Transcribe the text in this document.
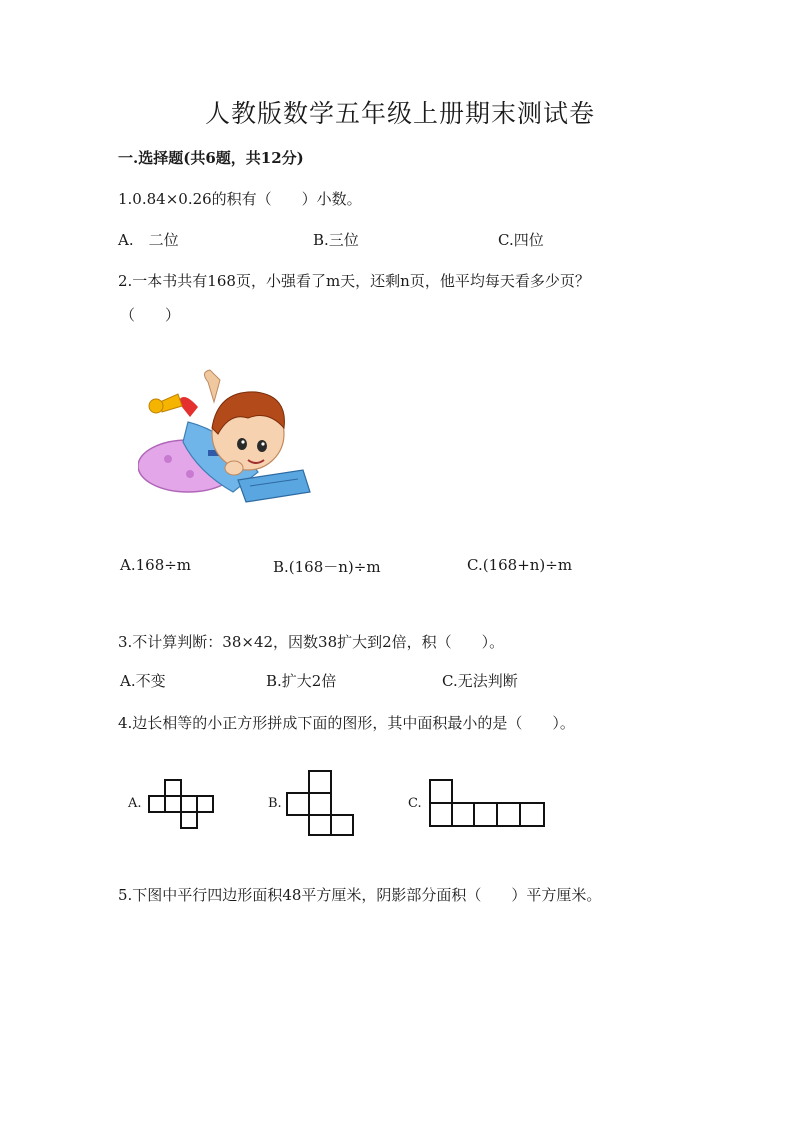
人教版数学五年级上册期末测试卷
一.选择题(共6题，共12分)
1.0.84×0.26的积有（　　）小数。
A.　二位	B.三位	C.四位
2.一本书共有168页，小强看了m天，还剩n页，他平均每天看多少页？
（　　）
A.168÷m	B.(168－n)÷m	C.(168+n)÷m
3.不计算判断：38×42，因数38扩大到2倍，积（　　）。
A.不变	B.扩大2倍	C.无法判断
4.边长相等的小正方形拼成下面的图形，其中面积最小的是（　　）。
A.	B.	C.
5.下图中平行四边形面积48平方厘米，阴影部分面积（　　）平方厘米。
